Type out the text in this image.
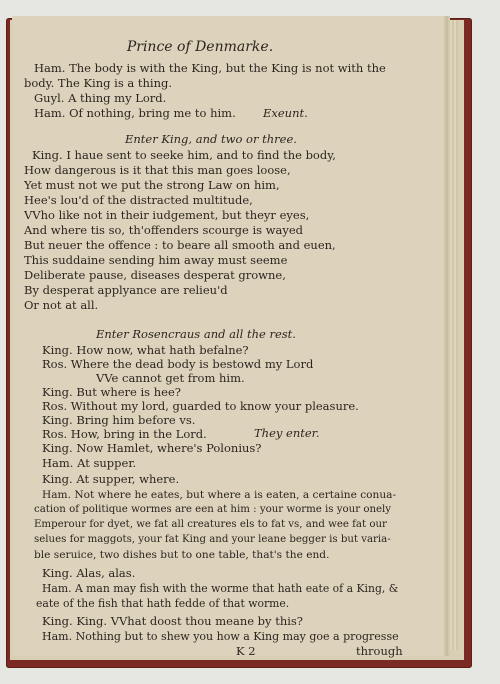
Prince of Denmarke.
Ham. The body is with the King, but the King is not with the
body. The King is a thing.
Guyl. A thing my Lord.
Ham. Of nothing, bring me to him. Exeunt.
Enter King, and two or three.
King. I haue sent to seeke him, and to find the body,
How dangerous is it that this man goes loose,
Yet must not we put the strong Law on him,
Hee's lou'd of the distracted multitude,
VVho like not in their iudgement, but theyr eyes,
And where tis so, th'offenders scourge is wayed
But neuer the offence : to beare all smooth and euen,
This suddaine sending him away must seeme
Deliberate pause, diseases desperat growne,
By desperat applyance are relieu'd
Or not at all.
Enter Rosencraus and all the rest.
King. How now, what hath befalne?
Ros. Where the dead body is bestowd my Lord
VVe cannot get from him.
King. But where is hee?
Ros. Without my lord, guarded to know your pleasure.
King. Bring him before vs.
Ros. How, bring in the Lord.	They enter.
King. Now Hamlet, where's Polonius?
Ham. At supper.
King. At supper, where.
Ham. Not where he eates, but where a is eaten, a certaine conua-
cation of politique wormes are een at him : your worme is your onely
Emperour for dyet, we fat all creatures els to fat vs, and wee fat our
selues for maggots, your fat King and your leane begger is but varia-
ble seruice, two dishes but to one table, that's the end.
King. Alas, alas.
Ham. A man may fish with the worme that hath eate of a King, &
eate of the fish that hath fedde of that worme.
King. King. VVhat doost thou meane by this?
Ham. Nothing but to shew you how a King may goe a progresse
K 2	through
